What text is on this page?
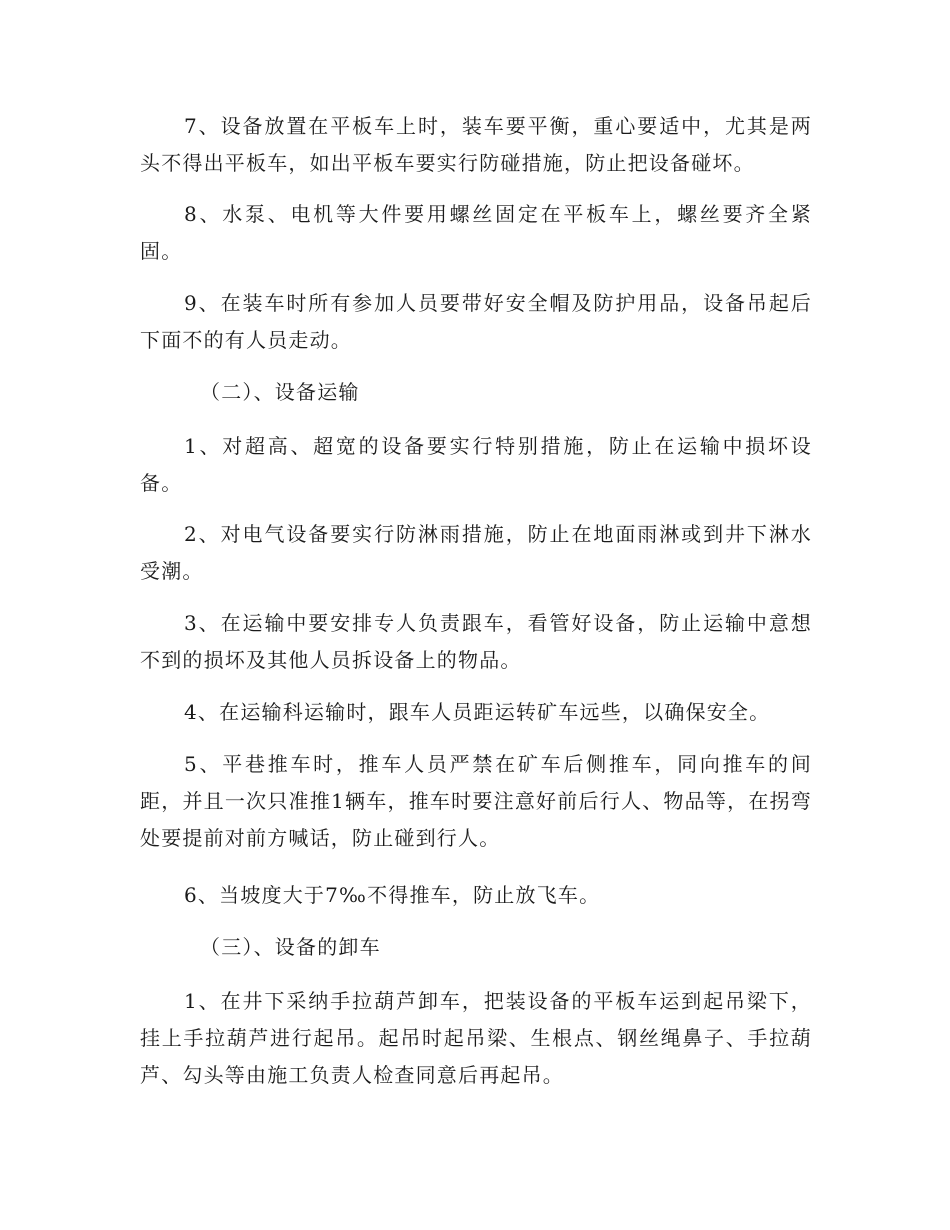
7、设备放置在平板车上时，装车要平衡，重心要适中，尤其是两头不得出平板车，如出平板车要实行防碰措施，防止把设备碰坏。

8、水泵、电机等大件要用螺丝固定在平板车上，螺丝要齐全紧固。

9、在装车时所有参加人员要带好安全帽及防护用品，设备吊起后下面不的有人员走动。

（二）、设备运输

1、对超高、超宽的设备要实行特别措施，防止在运输中损坏设备。

2、对电气设备要实行防淋雨措施，防止在地面雨淋或到井下淋水受潮。

3、在运输中要安排专人负责跟车，看管好设备，防止运输中意想不到的损坏及其他人员拆设备上的物品。

4、在运输科运输时，跟车人员距运转矿车远些，以确保安全。

5、平巷推车时，推车人员严禁在矿车后侧推车，同向推车的间距，并且一次只准推1辆车，推车时要注意好前后行人、物品等，在拐弯处要提前对前方喊话，防止碰到行人。

6、当坡度大于7‰不得推车，防止放飞车。

（三）、设备的卸车

1、在井下采纳手拉葫芦卸车，把装设备的平板车运到起吊梁下，挂上手拉葫芦进行起吊。起吊时起吊梁、生根点、钢丝绳鼻子、手拉葫芦、勾头等由施工负责人检查同意后再起吊。
